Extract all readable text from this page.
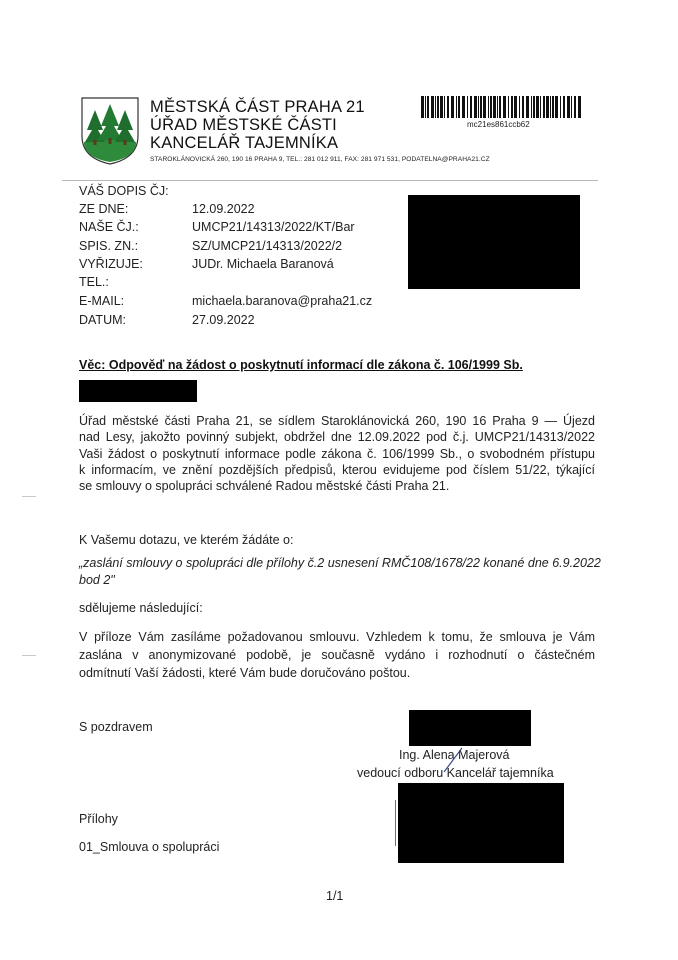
MĚSTSKÁ ČÁST PRAHA 21
ÚŘAD MĚSTSKÉ ČÁSTI
KANCELÁŘ TAJEMNÍKA
STAROKLÁNOVICKÁ 260, 190 16 PRAHA 9, TEL.: 281 012 911, FAX: 281 971 531, PODATELNA@PRAHA21.CZ
mc21es861ccb62
VÁŠ DOPIS ČJ:
ZE DNE:	12.09.2022
NAŠE ČJ.:	UMCP21/14313/2022/KT/Bar
SPIS. ZN.:	SZ/UMCP21/14313/2022/2
VYŘIZUJE:	JUDr. Michaela Baranová
TEL.:
E-MAIL:	michaela.baranova@praha21.cz
DATUM:	27.09.2022
Věc: Odpověď na žádost o poskytnutí informací dle zákona č. 106/1999 Sb.
Úřad městské části Praha 21, se sídlem Staroklánovická 260, 190 16 Praha 9 — Újezd
nad Lesy, jakožto povinný subjekt, obdržel dne 12.09.2022 pod č.j. UMCP21/14313/2022
Vaši žádost o poskytnutí informace podle zákona č. 106/1999 Sb., o svobodném přístupu
k informacím, ve znění pozdějších předpisů, kterou evidujeme pod číslem 51/22, týkající
se smlouvy o spolupráci schválené Radou městské části Praha 21.
K Vašemu dotazu, ve kterém žádáte o:
„zaslání smlouvy o spolupráci dle přílohy č.2 usnesení RMČ108/1678/22 konané dne 6.9.2022
bod 2"
sdělujeme následující:
V příloze Vám zasíláme požadovanou smlouvu. Vzhledem k tomu, že smlouva je Vám
zaslána v anonymizované podobě, je současně vydáno i rozhodnutí o částečném
odmítnutí Vaší žádosti, které Vám bude doručováno poštou.
S pozdravem
Ing. Alena Majerová
vedoucí odboru Kancelář tajemníka
Přílohy
01_Smlouva o spolupráci
1/1
